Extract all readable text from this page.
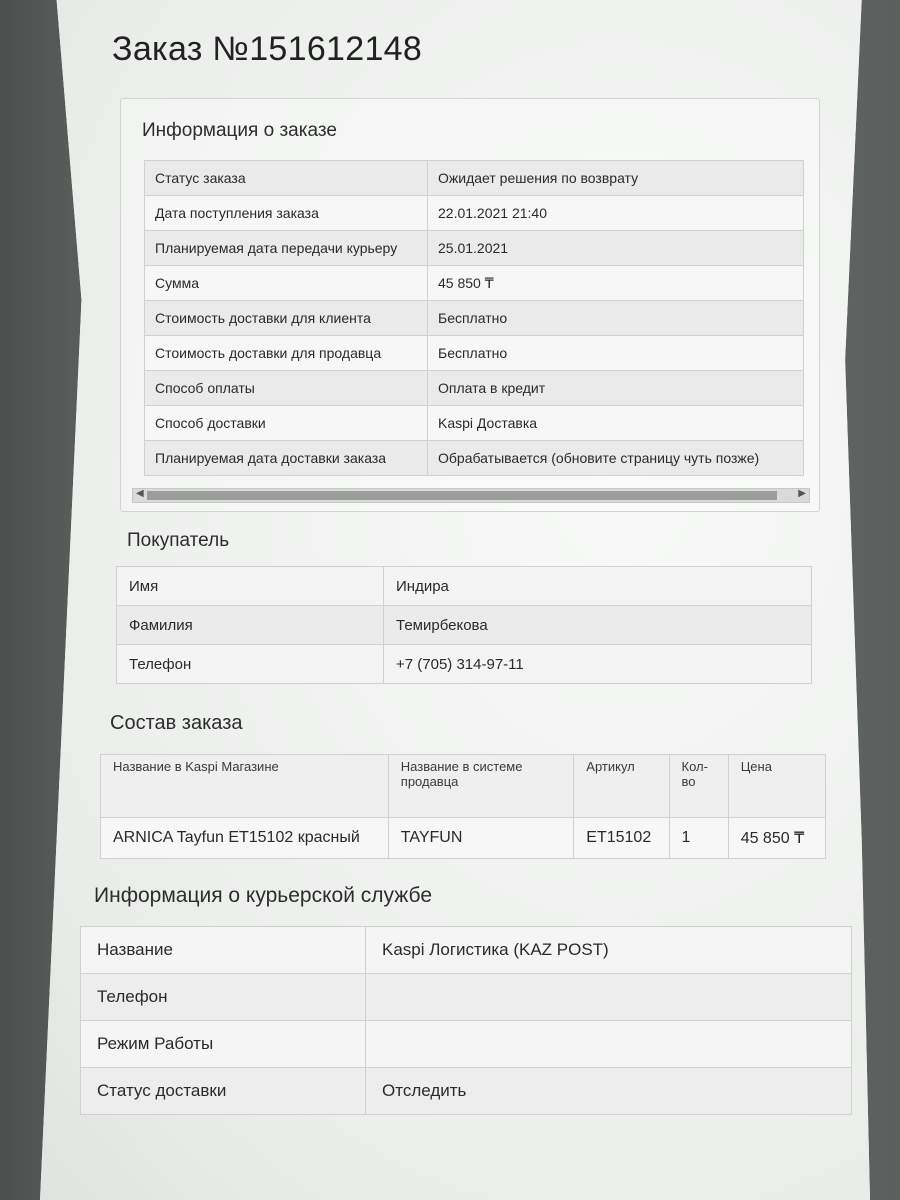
Заказ №151612148
Информация о заказе
Статус заказа	Ожидает решения по возврату
Дата поступления заказа	22.01.2021 21:40
Планируемая дата передачи курьеру	25.01.2021
Сумма	45 850 ₸
Стоимость доставки для клиента	Бесплатно
Стоимость доставки для продавца	Бесплатно
Способ оплаты	Оплата в кредит
Способ доставки	Kaspi Доставка
Планируемая дата доставки заказа	Обрабатывается (обновите страницу чуть позже)
◀	▶
Покупатель
Имя	Индира
Фамилия	Темирбекова
Телефон	+7 (705) 314-97-11
Состав заказа
Название в Kaspi Магазине	Название в системе продавца	Артикул	Кол-во	Цена
ARNICA Tayfun ET15102 красный	TAYFUN	ET15102	1	45 850 ₸
Информация о курьерской службе
Название	Kaspi Логистика (KAZ POST)
Телефон	
Режим Работы	
Статус доставки	Отследить
